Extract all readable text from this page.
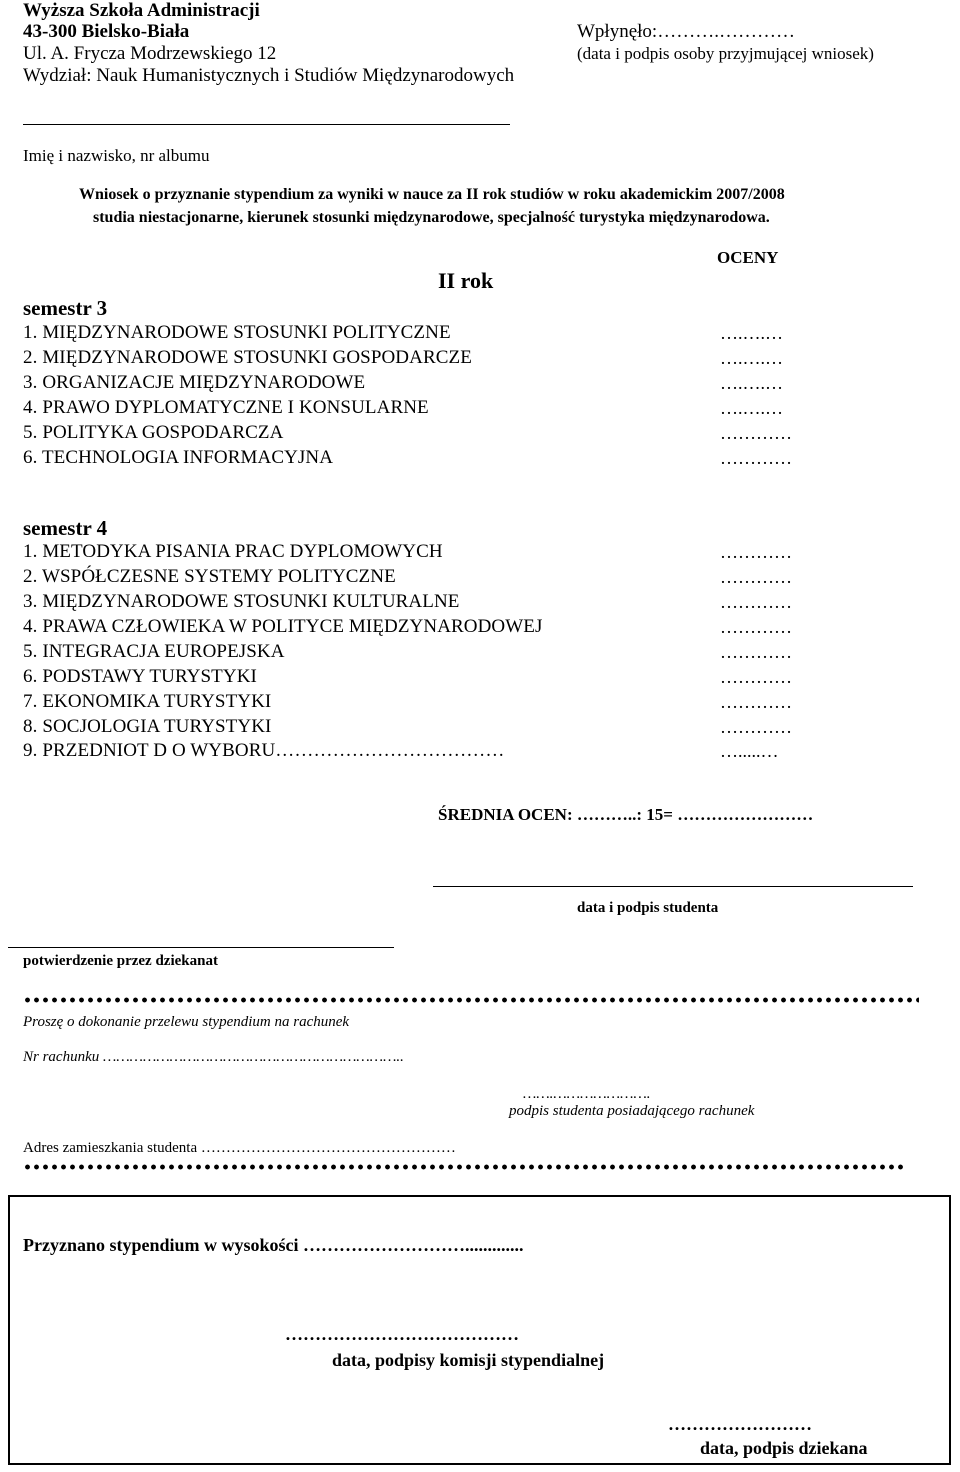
Wyższa Szkoła Administracji
43-300 Bielsko-Biała
Ul. A. Frycza Modrzewskiego 12
Wydział: Nauk Humanistycznych i Studiów Międzynarodowych
Wpłynęło:……….…………
(data i podpis osoby przyjmującej wniosek)
Imię i nazwisko, nr albumu
Wniosek o przyznanie stypendium za wyniki w nauce za II rok studiów w roku akademickim 2007/2008
studia niestacjonarne, kierunek stosunki międzynarodowe, specjalność turystyka międzynarodowa.
OCENY
II rok
semestr 3
1. MIĘDZYNARODOWE STOSUNKI POLITYCZNE	….….…
2. MIĘDZYNARODOWE STOSUNKI GOSPODARCZE	….….…
3. ORGANIZACJE MIĘDZYNARODOWE	….….…
4. PRAWO DYPLOMATYCZNE I KONSULARNE	….….…
5. POLITYKA GOSPODARCZA	…………
6. TECHNOLOGIA INFORMACYJNA	…………
semestr 4
1. METODYKA PISANIA PRAC DYPLOMOWYCH	…………
2. WSPÓŁCZESNE SYSTEMY POLITYCZNE	…………
3. MIĘDZYNARODOWE STOSUNKI KULTURALNE	…………
4. PRAWA CZŁOWIEKA W POLITYCE MIĘDZYNARODOWEJ	…………
5. INTEGRACJA EUROPEJSKA	…………
6. PODSTAWY TURYSTYKI	…………
7. EKONOMIKA TURYSTYKI	…………
8. SOCJOLOGIA TURYSTYKI	…………
9. PRZEDNIOT D O WYBORU………………………………	….....…
ŚREDNIA OCEN: ………..: 15= ……………………
data i podpis studenta
potwierdzenie przez dziekanat
Proszę o dokonanie przelewu stypendium na rachunek
Nr rachunku …………………………………………………………..
…….………………….
podpis studenta posiadającego rachunek
Adres zamieszkania studenta ……………………………………………
Przyznano stypendium w wysokości ……………………….............
…………………………………
data, podpisy komisji stypendialnej
……………………
data, podpis dziekana
